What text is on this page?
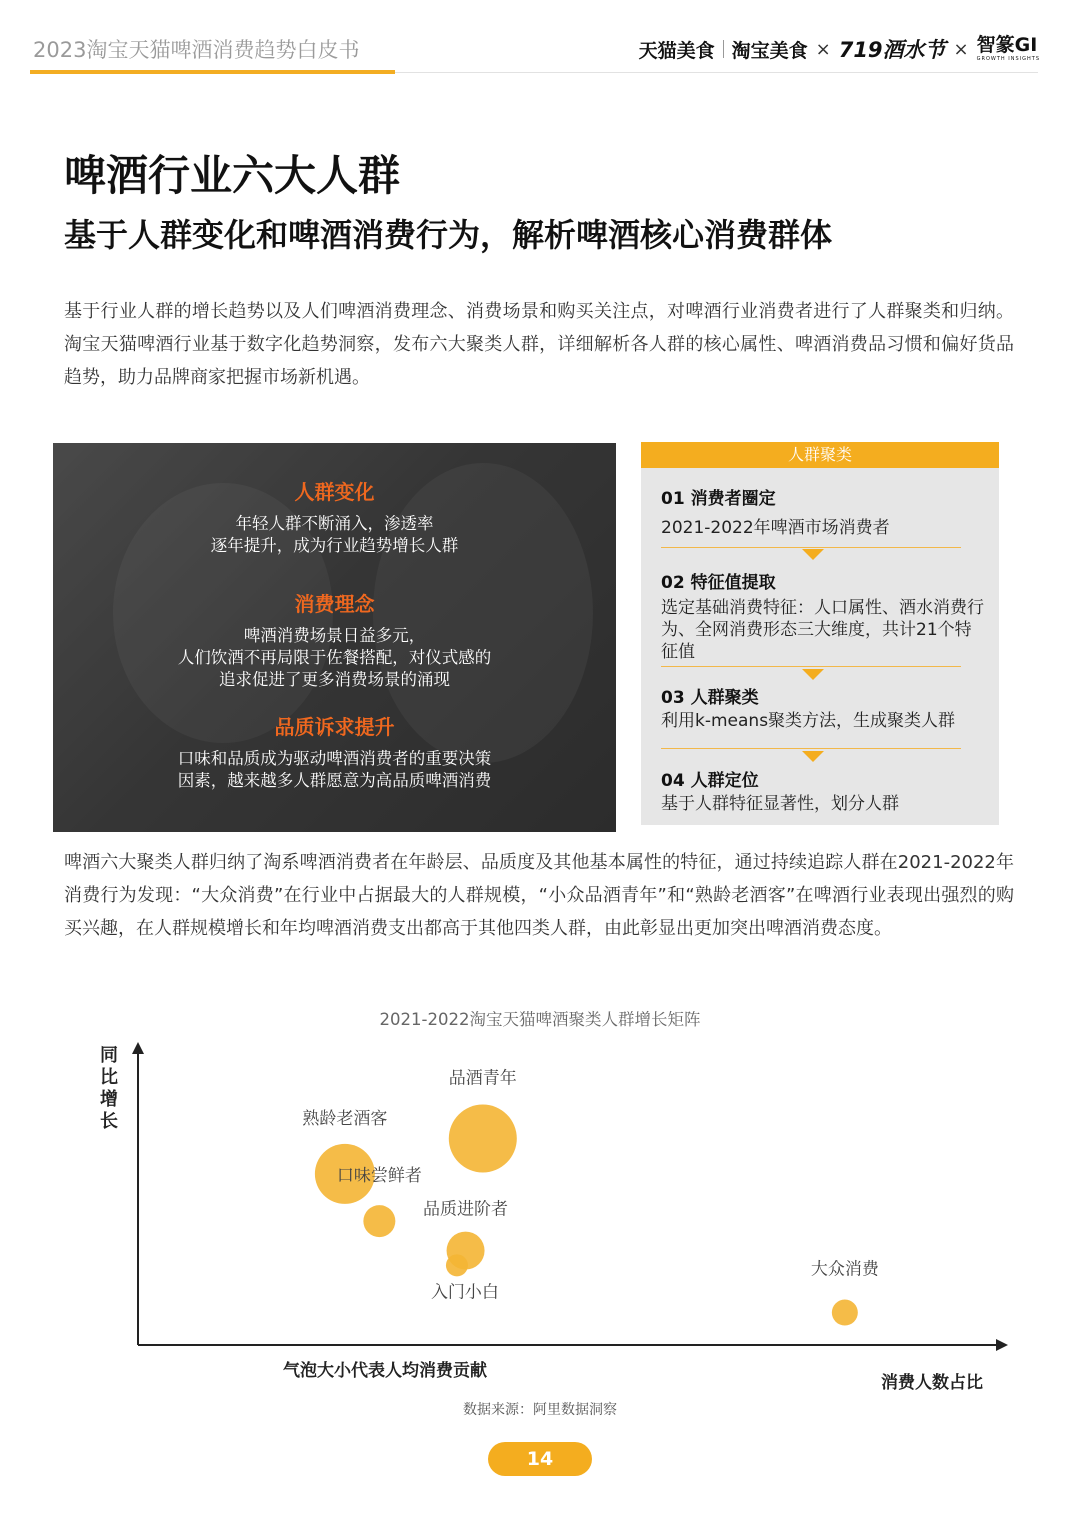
2023淘宝天猫啤酒消费趋势白皮书	天猫美食 淘宝美食 × 719酒水节 × 智篆GI
GROWTH INSIGHTS
啤酒行业六大人群
基于人群变化和啤酒消费行为，解析啤酒核心消费群体
基于行业人群的增长趋势以及人们啤酒消费理念、消费场景和购买关注点，对啤酒行业消费者进行了人群聚类和归纳。淘宝天猫啤酒行业基于数字化趋势洞察，发布六大聚类人群，详细解析各人群的核心属性、啤酒消费品习惯和偏好货品趋势，助力品牌商家把握市场新机遇。
人群变化
年轻人群不断涌入，渗透率
逐年提升，成为行业趋势增长人群
消费理念
啤酒消费场景日益多元，
人们饮酒不再局限于佐餐搭配，对仪式感的
追求促进了更多消费场景的涌现
品质诉求提升
口味和品质成为驱动啤酒消费者的重要决策
因素，越来越多人群愿意为高品质啤酒消费
人群聚类
01 消费者圈定
2021-2022年啤酒市场消费者
02 特征值提取
选定基础消费特征：人口属性、酒水消费行为、全网消费形态三大维度，共计21个特征值
03 人群聚类
利用k-means聚类方法，生成聚类人群
04 人群定位
基于人群特征显著性，划分人群
啤酒六大聚类人群归纳了淘系啤酒消费者在年龄层、品质度及其他基本属性的特征，通过持续追踪人群在2021-2022年消费行为发现：“大众消费”在行业中占据最大的人群规模，“小众品酒青年”和“熟龄老酒客”在啤酒行业表现出强烈的购买兴趣，在人群规模增长和年均啤酒消费支出都高于其他四类人群，由此彰显出更加突出啤酒消费态度。
2021-2022淘宝天猫啤酒聚类人群增长矩阵
同比增长
品酒青年
熟龄老酒客
口味尝鲜者
品质进阶者
入门小白
大众消费
气泡大小代表人均消费贡献
消费人数占比
数据来源：阿里数据洞察
14
